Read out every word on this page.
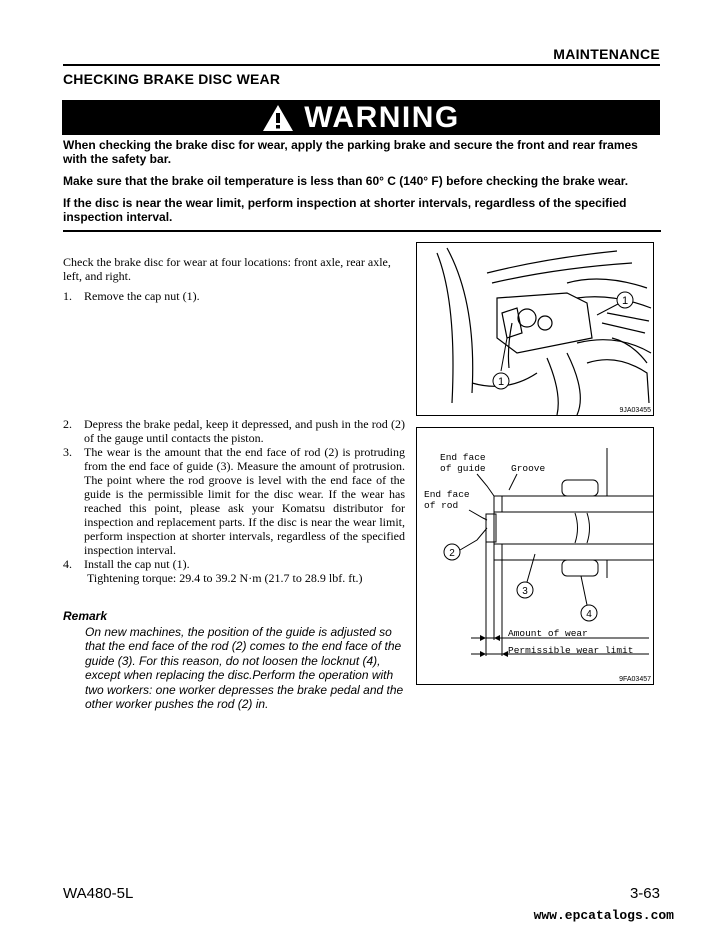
MAINTENANCE
CHECKING BRAKE DISC WEAR
WARNING

When checking the brake disc for wear, apply the parking brake and secure the front and rear frames with the safety bar.

Make sure that the brake oil temperature is less than 60° C (140° F) before checking the brake wear.

If the disc is near the wear limit, perform inspection at shorter intervals, regardless of the specified inspection interval.

Check the brake disc for wear at four locations: front axle, rear axle, left, and right.
1.	Remove the cap nut (1).
2.	Depress the brake pedal, keep it depressed, and push in the rod (2) of the gauge until contacts the piston.
3.	The wear is the amount that the end face of rod (2) is protruding from the end face of guide (3). Measure the amount of protrusion. The point where the rod groove is level with the end face of the guide is the permissible limit for the disc wear. If the wear has reached this point, please ask your Komatsu distributor for inspection and replacement parts. If the disc is near the wear limit, perform inspection at shorter intervals, regardless of the specified inspection interval.
4.	Install the cap nut (1).
Tightening torque: 29.4 to 39.2 N·m (21.7 to 28.9 lbf. ft.)
Remark
On new machines, the position of the guide is adjusted so that the end face of the rod (2) comes to the end face of the guide (3). For this reason, do not loosen the locknut (4), except when replacing the disc.Perform the operation with two workers: one worker depresses the brake pedal and the other worker pushes the rod (2) in.
1
1
9JA03455
End face
of guide	Groove
End face
of rod
Amount of wear
Permissible wear limit
2
3
4
9FA03457
WA480-5L	3-63
www.epcatalogs.com
